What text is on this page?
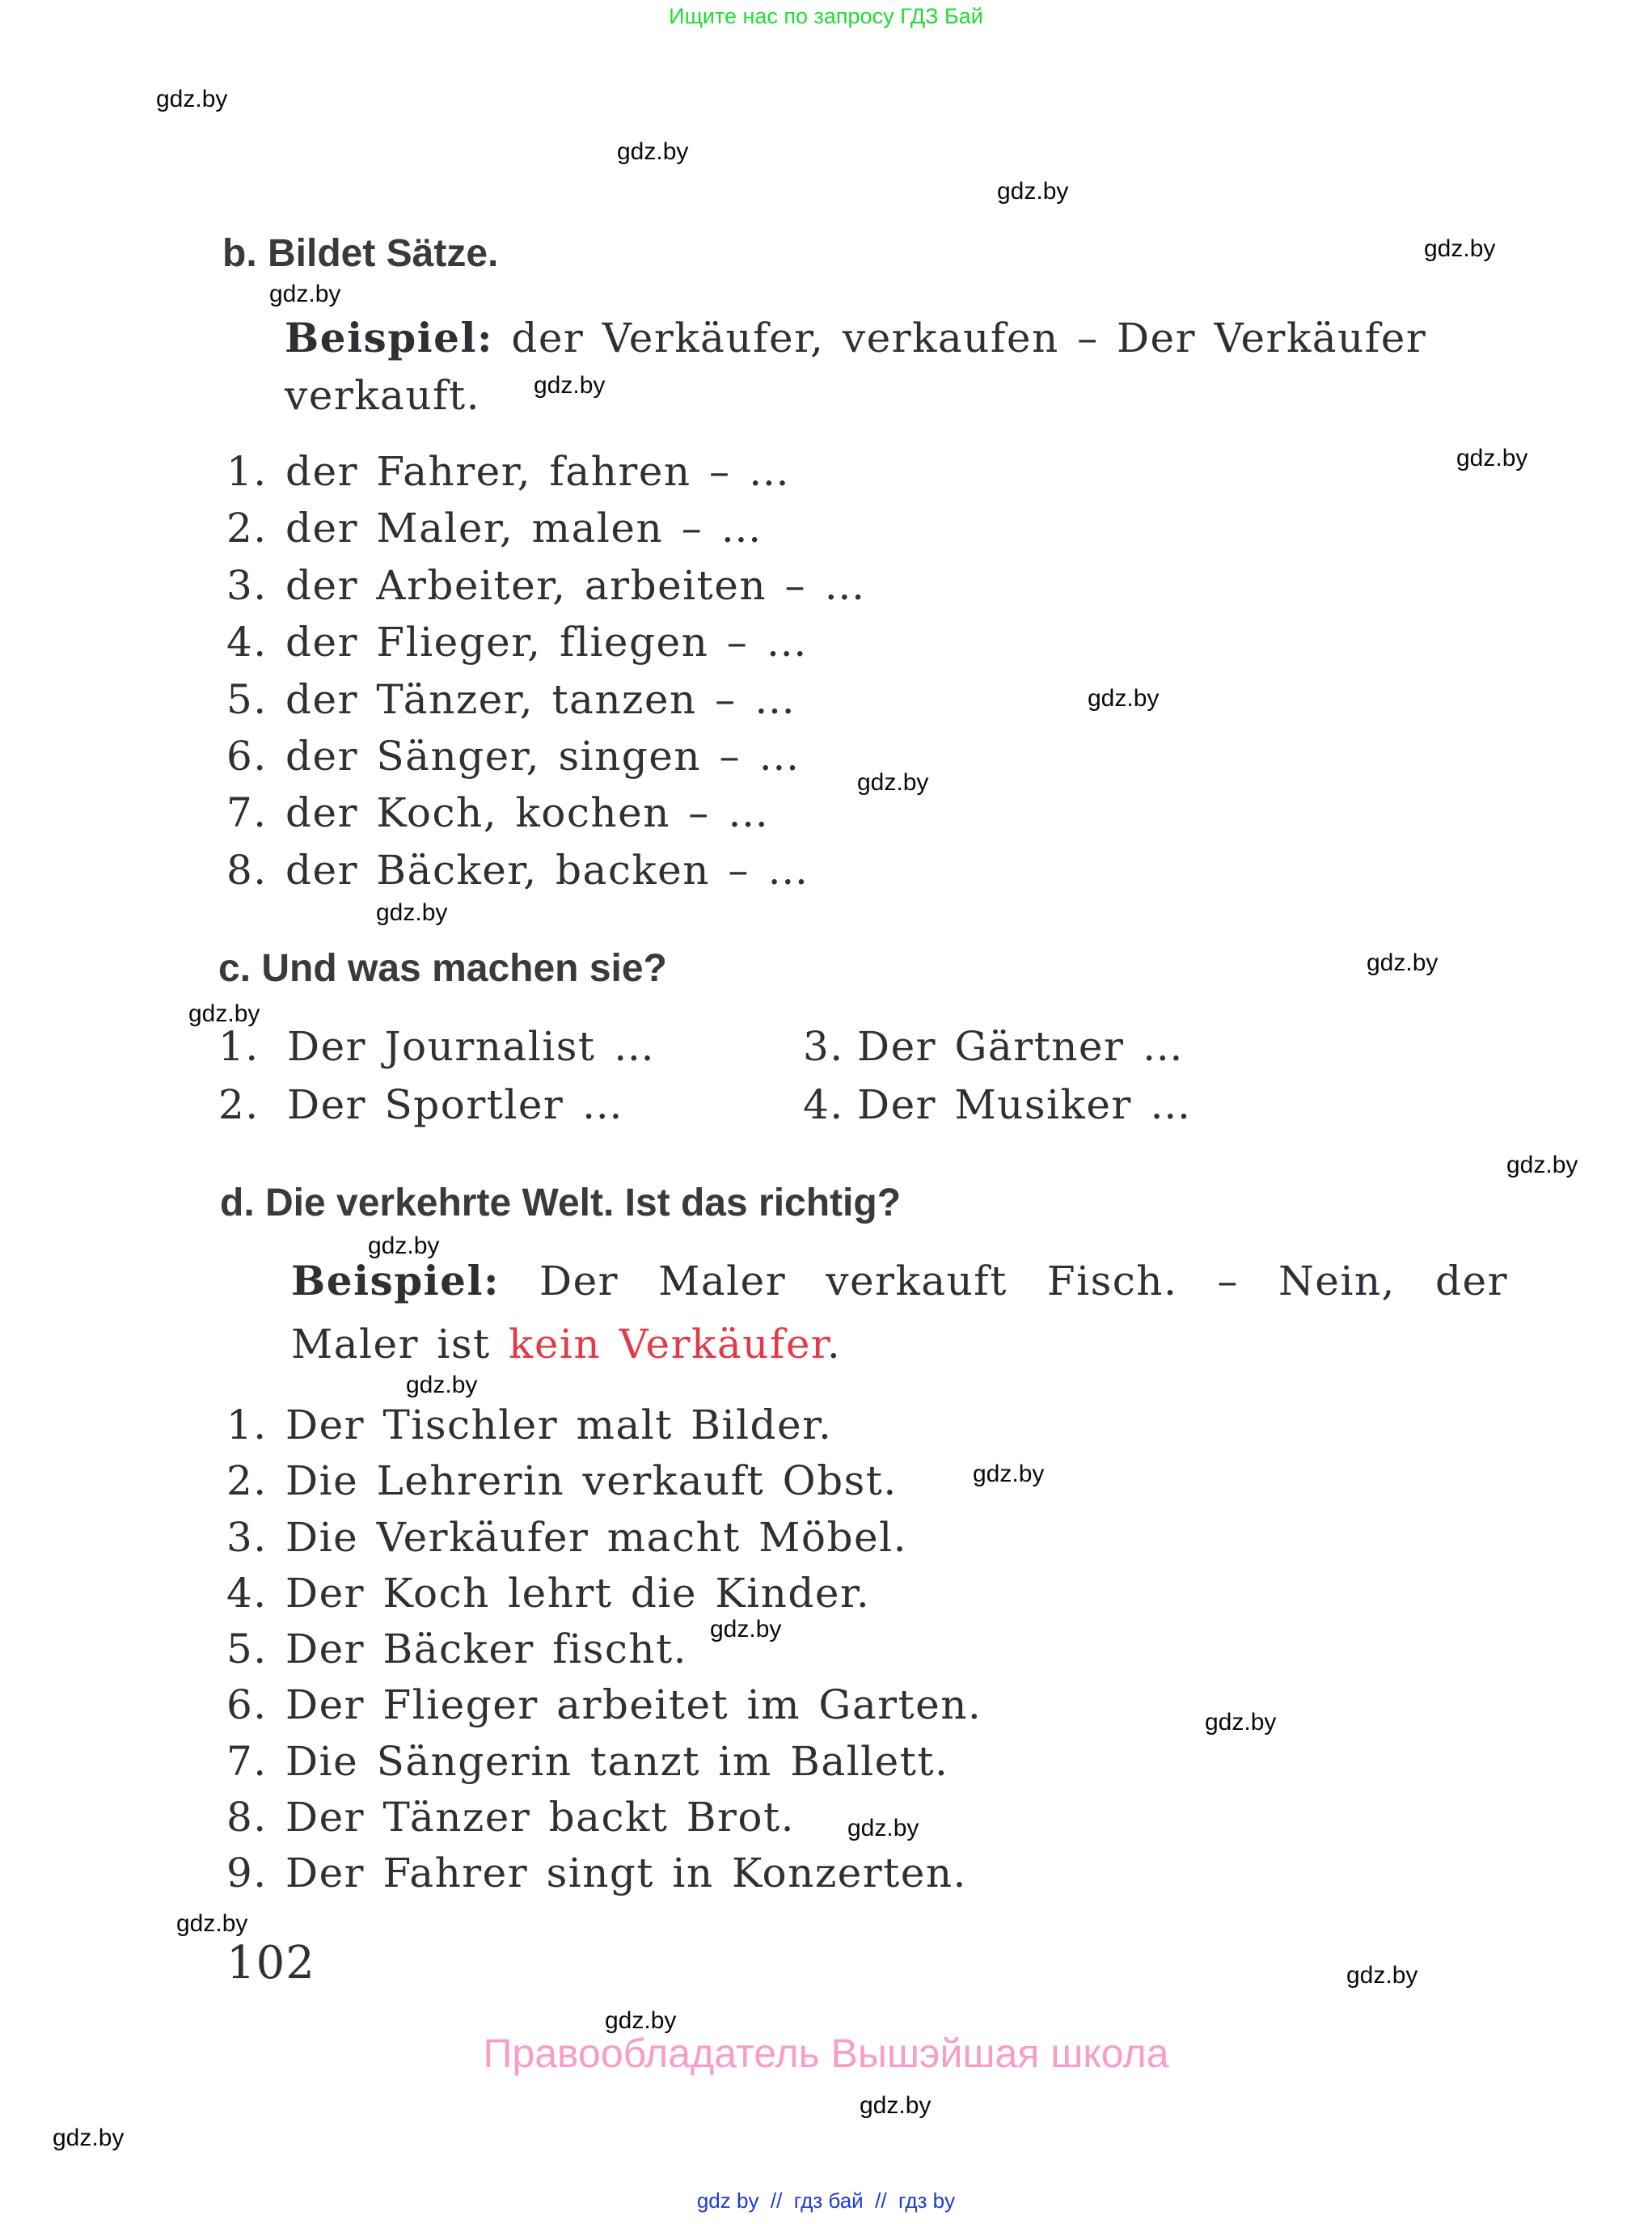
Ищите нас по запросу ГДЗ Бай
gdz.by
gdz.by
gdz.by
gdz.by
gdz.by
gdz.by
gdz.by
gdz.by
gdz.by
gdz.by
gdz.by
gdz.by
gdz.by
gdz.by
gdz.by
gdz.by
gdz.by
gdz.by
gdz.by
gdz.by
gdz.by
gdz.by
gdz.by
gdz.by
b. Bildet Sätze.
Beispiel: der Verkäufer, verkaufen – Der Verkäufer
verkauft.
1. der Fahrer, fahren – …
2. der Maler, malen – …
3. der Arbeiter, arbeiten – …
4. der Flieger, fliegen – …
5. der Tänzer, tanzen – …
6. der Sänger, singen – …
7. der Koch, kochen – …
8. der Bäcker, backen – …
c. Und was machen sie?
1. Der Journalist …
2. Der Sportler …
3. Der Gärtner …
4. Der Musiker …
d. Die verkehrte Welt. Ist das richtig?
Beispiel: Der Maler verkauft Fisch. – Nein, der
Maler ist kein Verkäufer.
1. Der Tischler malt Bilder.
2. Die Lehrerin verkauft Obst.
3. Die Verkäufer macht Möbel.
4. Der Koch lehrt die Kinder.
5. Der Bäcker fischt.
6. Der Flieger arbeitet im Garten.
7. Die Sängerin tanzt im Ballett.
8. Der Tänzer backt Brot.
9. Der Fahrer singt in Konzerten.
102
Правообладатель Вышэйшая школа
gdz by  //  гдз бай  //  гдз by
